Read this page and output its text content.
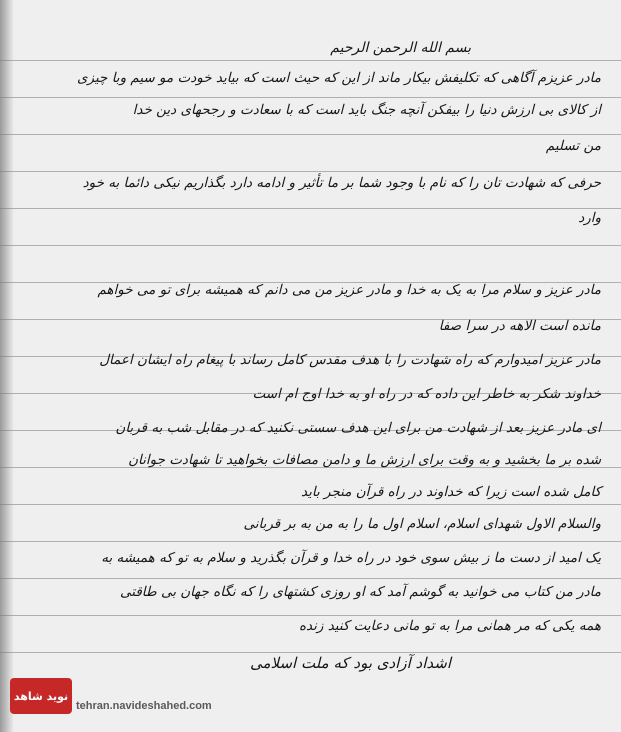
بسم الله الرحمن الرحیم
مادر عزیزم آگاهی که تکلیفش بیکار ماند از این که حیث است که بیاید خودت مو سیم وبا چیزی
از کالای بی ارزش دنیا را بیفکن آنچه جنگ باید است که با سعادت و رجحهای دین خدا
من تسلیم
حرفی که شهادت تان را که نام با وجود شما بر ما تأثیر و ادامه دارد بگذاریم نیکی دائما به خود
وارد
مادر عزیز و سلام مرا به یک به خدا و مادر عزیز من می دانم که همیشه برای تو می خواهم
مانده است الاهه در سرا صفا
مادر عزیز امیدوارم که راه شهادت را با هدف مقدس کامل رساند با پیغام راه ایشان اعمال
خداوند شکر به خاطر این داده که در راه او به خدا اوج ام است
ای مادر عزیز بعد از شهادت من برای این هدف سستی نکنید که در مقابل شب به قربان
شده بر ما بخشید و به وقت برای ارزش ما و دامن مصافات بخواهید تا شهادت جوانان
کامل شده است زیرا که خداوند در راه قرآن منجر باید
والسلام الاول شهدای اسلام، اسلام اول ما را به من به بر قربانی
یک امید از دست ما ز بیش سوی خود در راه خدا و قرآن بگذرید و سلام به تو که همیشه به
مادر من کتاب می خوانید به گوشم آمد که او روزی کشتهای را که نگاه جهان بی طاقتی
همه یکی که مر همانی مرا به تو مانی دعایت کنید زنده
اشداد آزادی بود که ملت اسلامی
نوید شاهد
tehran.navideshahed.com
